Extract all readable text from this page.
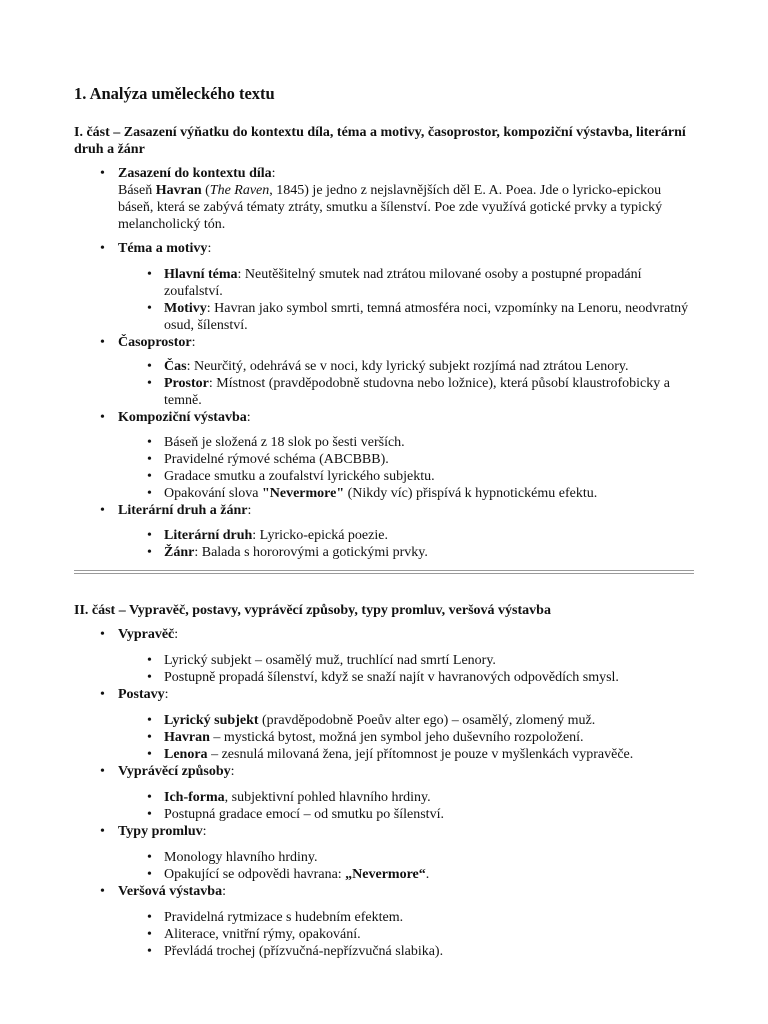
1. Analýza uměleckého textu

I. část – Zasazení výňatku do kontextu díla, téma a motivy, časoprostor, kompoziční výstavba, literární druh a žánr

• Zasazení do kontextu díla:
Báseň Havran (The Raven, 1845) je jedno z nejslavnějších děl E. A. Poea. Jde o lyricko-epickou báseň, která se zabývá tématy ztráty, smutku a šílenství. Poe zde využívá gotické prvky a typický melancholický tón.
• Téma a motivy:
• Hlavní téma: Neutěšitelný smutek nad ztrátou milované osoby a postupné propadání zoufalství.
• Motivy: Havran jako symbol smrti, temná atmosféra noci, vzpomínky na Lenoru, neodvratný osud, šílenství.
• Časoprostor:
• Čas: Neurčitý, odehrává se v noci, kdy lyrický subjekt rozjímá nad ztrátou Lenory.
• Prostor: Místnost (pravděpodobně studovna nebo ložnice), která působí klaustrofobicky a temně.
• Kompoziční výstavba:
• Báseň je složená z 18 slok po šesti verších.
• Pravidelné rýmové schéma (ABCBBB).
• Gradace smutku a zoufalství lyrického subjektu.
• Opakování slova "Nevermore" (Nikdy víc) přispívá k hypnotickému efektu.
• Literární druh a žánr:
• Literární druh: Lyricko-epická poezie.
• Žánr: Balada s hororovými a gotickými prvky.

II. část – Vypravěč, postavy, vyprávěcí způsoby, typy promluv, veršová výstavba

• Vypravěč:
• Lyrický subjekt – osamělý muž, truchlící nad smrtí Lenory.
• Postupně propadá šílenství, když se snaží najít v havranových odpovědích smysl.
• Postavy:
• Lyrický subjekt (pravděpodobně Poeův alter ego) – osamělý, zlomený muž.
• Havran – mystická bytost, možná jen symbol jeho duševního rozpoložení.
• Lenora – zesnulá milovaná žena, její přítomnost je pouze v myšlenkách vypravěče.
• Vyprávěcí způsoby:
• Ich-forma, subjektivní pohled hlavního hrdiny.
• Postupná gradace emocí – od smutku po šílenství.
• Typy promluv:
• Monology hlavního hrdiny.
• Opakující se odpovědi havrana: „Nevermore“.
• Veršová výstavba:
• Pravidelná rytmizace s hudebním efektem.
• Aliterace, vnitřní rýmy, opakování.
• Převládá trochej (přízvučná-nepřízvučná slabika).
